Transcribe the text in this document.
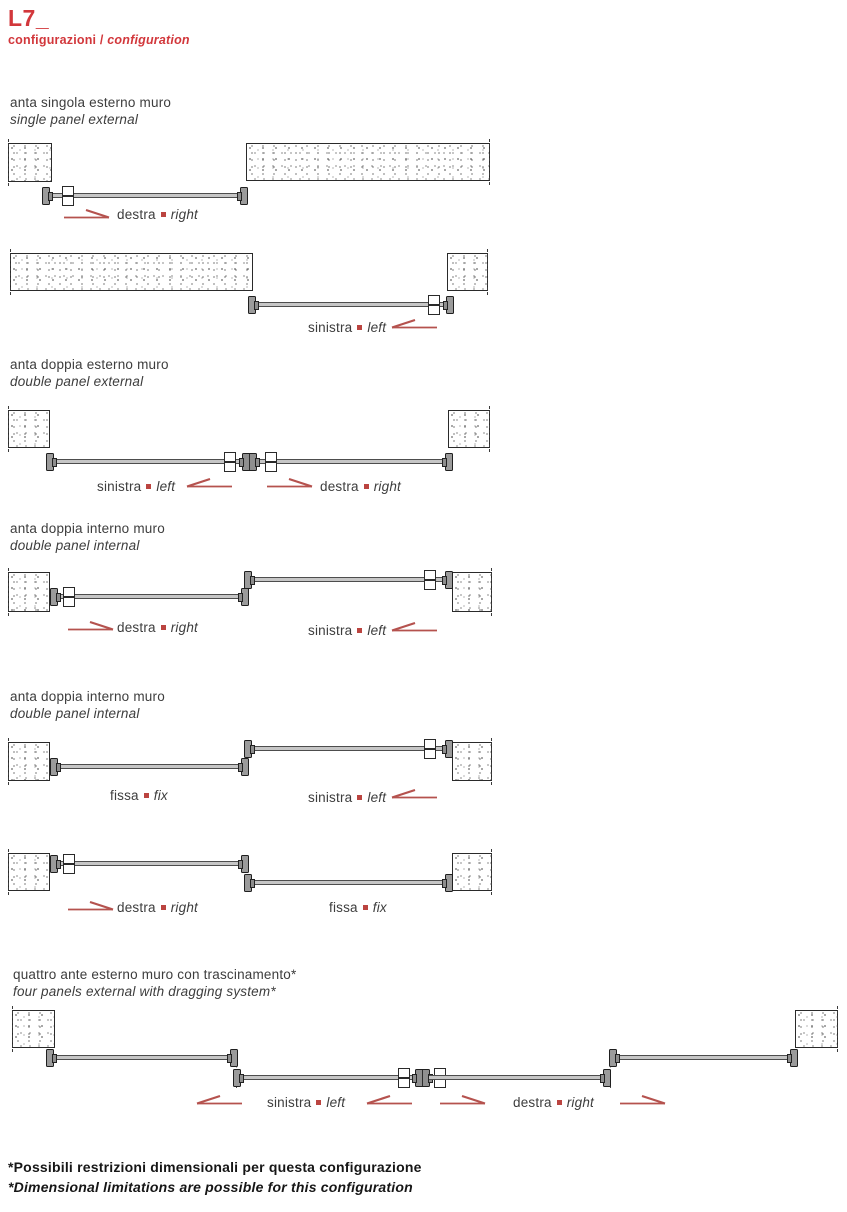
L7_
configurazioni / configuration
anta singola esterno muro
single panel external
destra right
sinistra left
anta doppia esterno muro
double panel external
sinistra left	destra right
anta doppia interno muro
double panel internal
destra right	sinistra left
anta doppia interno muro
double panel internal
fissa fix	sinistra left
destra right	fissa fix
quattro ante esterno muro con trascinamento*
four panels external with dragging system*
sinistra left	destra right
*Possibili restrizioni dimensionali per questa configurazione
*Dimensional limitations are possible for this configuration
